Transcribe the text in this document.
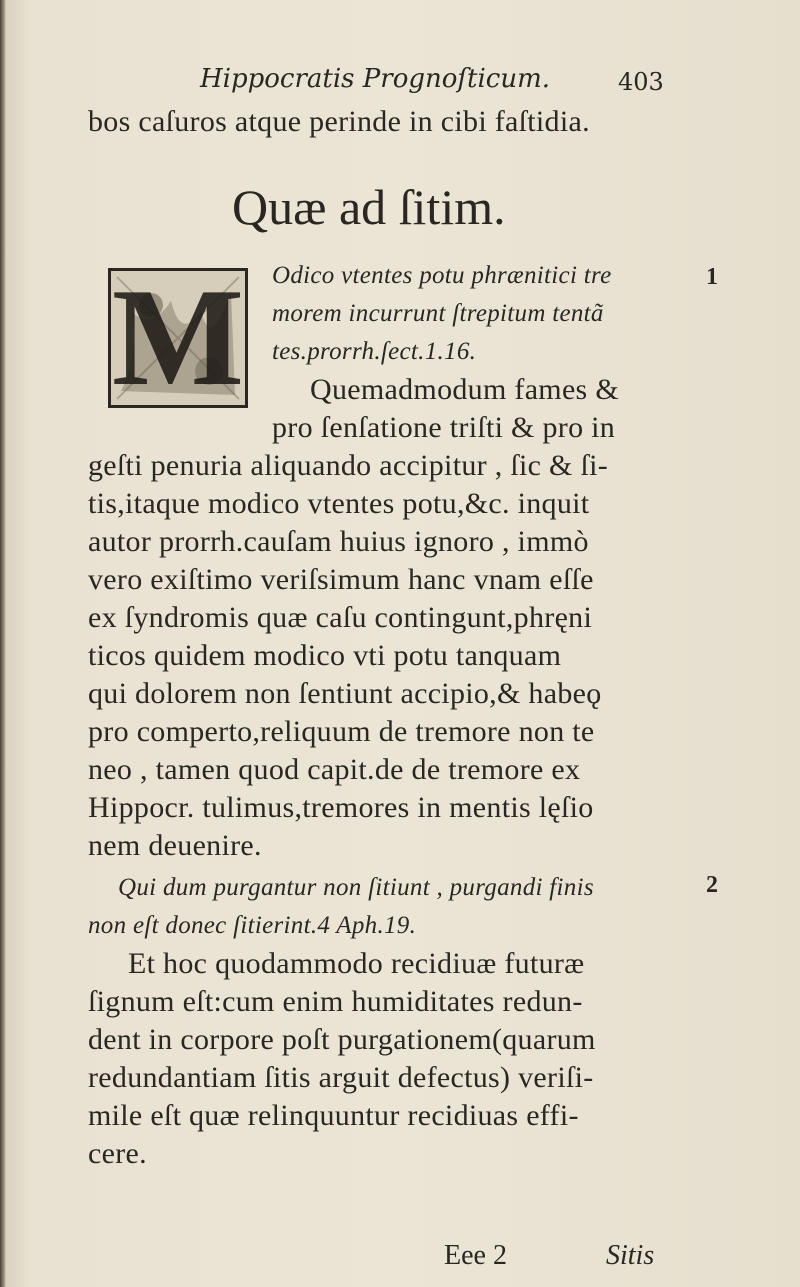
Hippocratis Prognoſticum.	403
bos caſuros atque perinde in cibi faſtidia.
Quæ ad ſitim.
M Odico vtentes potu phrænitici tre
morem incurrunt ſtrepitum tentã
tes.prorrh.ſect.1.16.
Quemadmodum fames &
pro ſenſatione triſti & pro in
geſti penuria aliquando accipitur , ſic & ſi-
tis,itaque modico vtentes potu,&c. inquit
autor prorrh.cauſam huius ignoro , immò
vero exiſtimo veriſsimum hanc vnam eſſe
ex ſyndromis quæ caſu contingunt,phręni
ticos quidem modico vti potu tanquam
qui dolorem non ſentiunt accipio,& habeǫ
pro comperto,reliquum de tremore non te
neo , tamen quod capit.de de tremore ex
Hippocr. tulimus,tremores in mentis lęſio
nem deuenire.
Qui dum purgantur non ſitiunt , purgandi finis
non eſt donec ſitierint.4 Aph.19.
Et hoc quodammodo recidiuæ futuræ
ſignum eſt:cum enim humiditates redun-
dent in corpore poſt purgationem(quarum
redundantiam ſitis arguit defectus) veriſi-
mile eſt quæ relinquuntur recidiuas effi-
cere.
1
2
Eee 2	Sitis
